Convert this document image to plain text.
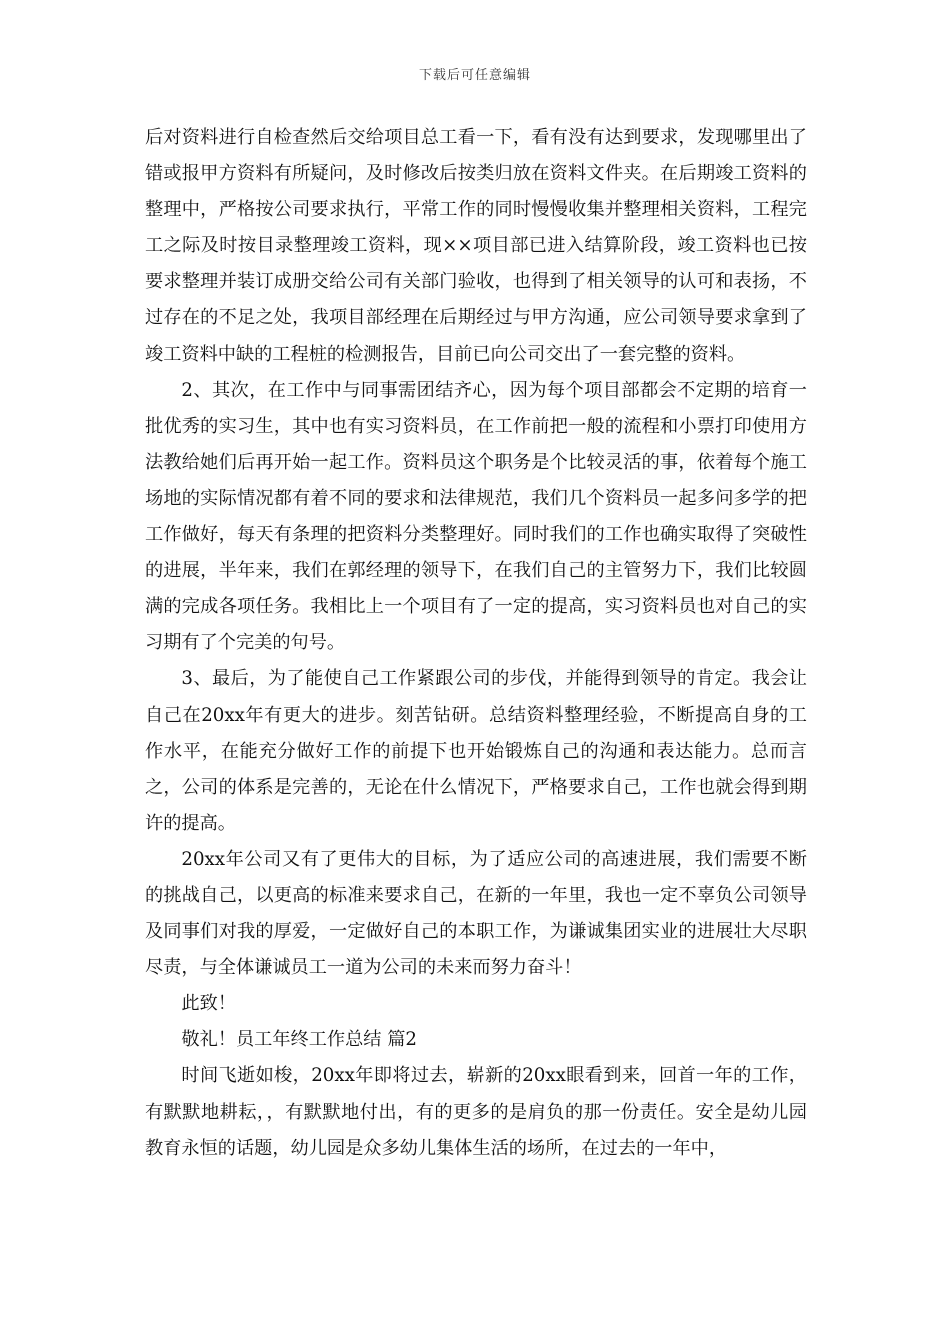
下载后可任意编辑

后对资料进行自检查然后交给项目总工看一下，看有没有达到要求，发现哪里出了错或报甲方资料有所疑问，及时修改后按类归放在资料文件夹。在后期竣工资料的整理中，严格按公司要求执行，平常工作的同时慢慢收集并整理相关资料，工程完工之际及时按目录整理竣工资料，现××项目部已进入结算阶段，竣工资料也已按要求整理并装订成册交给公司有关部门验收，也得到了相关领导的认可和表扬，不过存在的不足之处，我项目部经理在后期经过与甲方沟通，应公司领导要求拿到了竣工资料中缺的工程桩的检测报告，目前已向公司交出了一套完整的资料。

2、其次，在工作中与同事需团结齐心，因为每个项目部都会不定期的培育一批优秀的实习生，其中也有实习资料员，在工作前把一般的流程和小票打印使用方法教给她们后再开始一起工作。资料员这个职务是个比较灵活的事，依着每个施工场地的实际情况都有着不同的要求和法律规范，我们几个资料员一起多问多学的把工作做好，每天有条理的把资料分类整理好。同时我们的工作也确实取得了突破性的进展，半年来，我们在郭经理的领导下，在我们自己的主管努力下，我们比较圆满的完成各项任务。我相比上一个项目有了一定的提高，实习资料员也对自己的实习期有了个完美的句号。

3、最后，为了能使自己工作紧跟公司的步伐，并能得到领导的肯定。我会让自己在20xx年有更大的进步。刻苦钻研。总结资料整理经验，不断提高自身的工作水平，在能充分做好工作的前提下也开始锻炼自己的沟通和表达能力。总而言之，公司的体系是完善的，无论在什么情况下，严格要求自己，工作也就会得到期许的提高。

20xx年公司又有了更伟大的目标，为了适应公司的高速进展，我们需要不断的挑战自己，以更高的标准来要求自己，在新的一年里，我也一定不辜负公司领导及同事们对我的厚爱，一定做好自己的本职工作，为谦诚集团实业的进展壮大尽职尽责，与全体谦诚员工一道为公司的未来而努力奋斗！

此致！

敬礼！员工年终工作总结 篇2

时间飞逝如梭，20xx年即将过去，崭新的20xx眼看到来，回首一年的工作，有默默地耕耘，，有默默地付出，有的更多的是肩负的那一份责任。安全是幼儿园教育永恒的话题，幼儿园是众多幼儿集体生活的场所，在过去的一年中，
